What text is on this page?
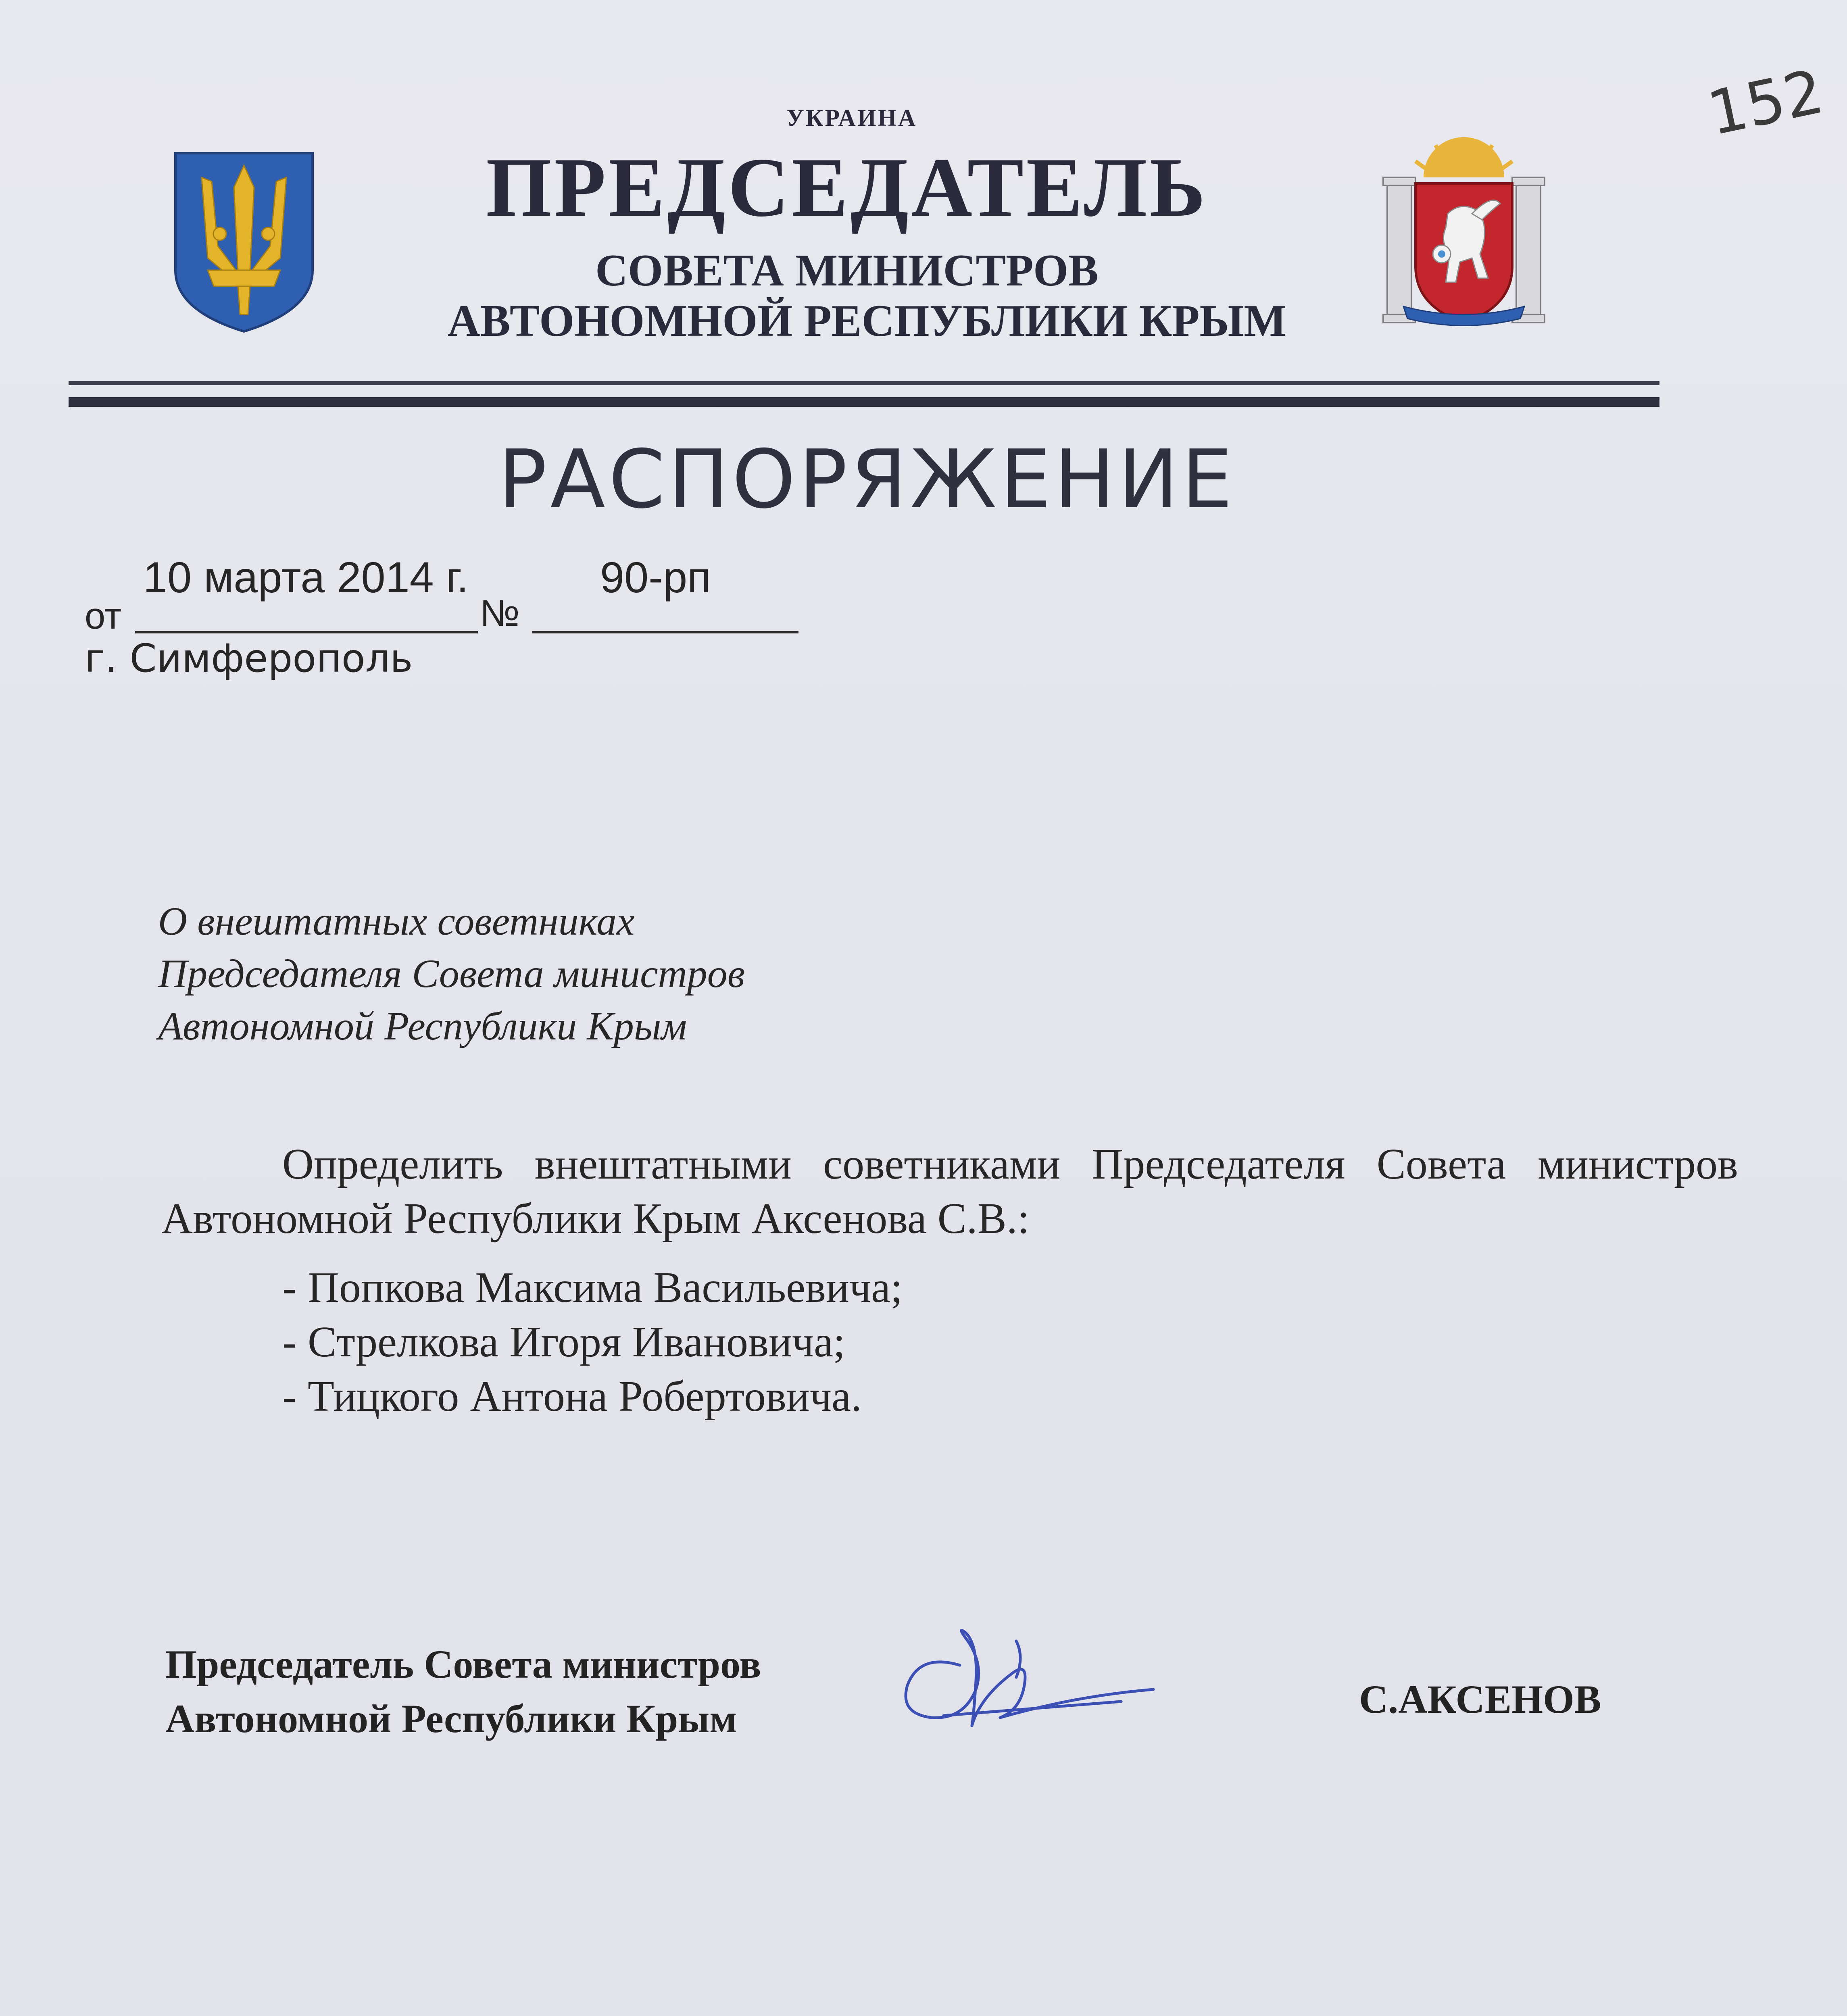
152
УКРАИНА
ПРЕДСЕДАТЕЛЬ
СОВЕТА МИНИСТРОВ
АВТОНОМНОЙ РЕСПУБЛИКИ КРЫМ
РАСПОРЯЖЕНИЕ
10 марта 2014 г.	90-рп
от	№
г. Симферополь
О внештатных советниках
Председателя Совета министров
Автономной Республики Крым
Определить внештатными советниками Председателя Совета министров Автономной Республики Крым Аксенова С.В.:
- Попкова Максима Васильевича;
- Стрелкова Игоря Ивановича;
- Тицкого Антона Робертовича.
Председатель Совета министров
Автономной Республики Крым	С.АКСЕНОВ
